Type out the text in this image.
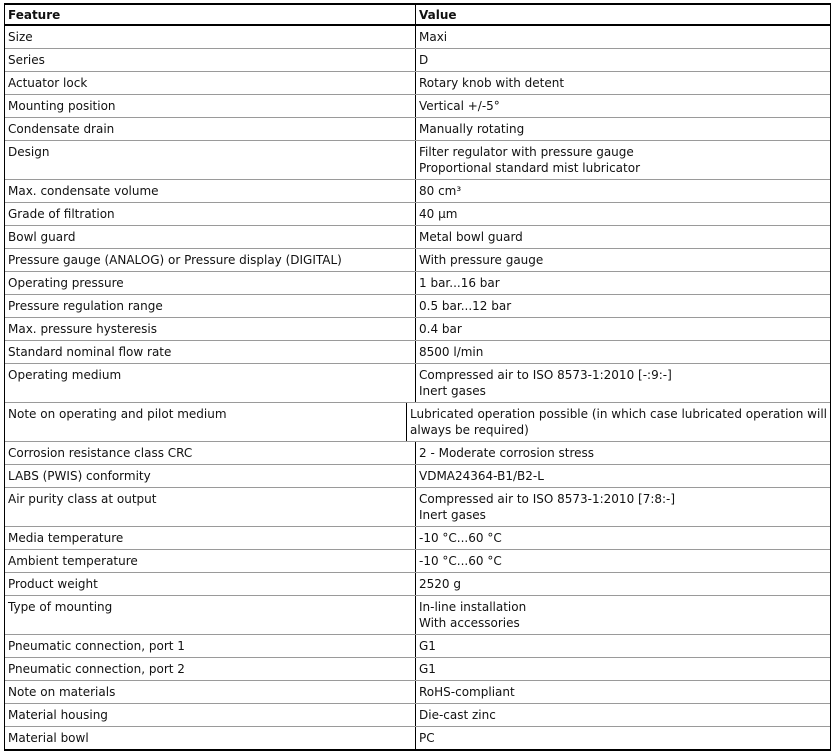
Feature	Value
Size	Maxi
Series	D
Actuator lock	Rotary knob with detent
Mounting position	Vertical +/-5°
Condensate drain	Manually rotating
Design	Filter regulator with pressure gauge
Proportional standard mist lubricator
Max. condensate volume	80 cm³
Grade of filtration	40 µm
Bowl guard	Metal bowl guard
Pressure gauge (ANALOG) or Pressure display (DIGITAL)	With pressure gauge
Operating pressure	1 bar...16 bar
Pressure regulation range	0.5 bar...12 bar
Max. pressure hysteresis	0.4 bar
Standard nominal flow rate	8500 l/min
Operating medium	Compressed air to ISO 8573-1:2010 [-:9:-]
Inert gases
Note on operating and pilot medium	Lubricated operation possible (in which case lubricated operation will
always be required)
Corrosion resistance class CRC	2 - Moderate corrosion stress
LABS (PWIS) conformity	VDMA24364-B1/B2-L
Air purity class at output	Compressed air to ISO 8573-1:2010 [7:8:-]
Inert gases
Media temperature	-10 °C...60 °C
Ambient temperature	-10 °C...60 °C
Product weight	2520 g
Type of mounting	In-line installation
With accessories
Pneumatic connection, port 1	G1
Pneumatic connection, port 2	G1
Note on materials	RoHS-compliant
Material housing	Die-cast zinc
Material bowl	PC
